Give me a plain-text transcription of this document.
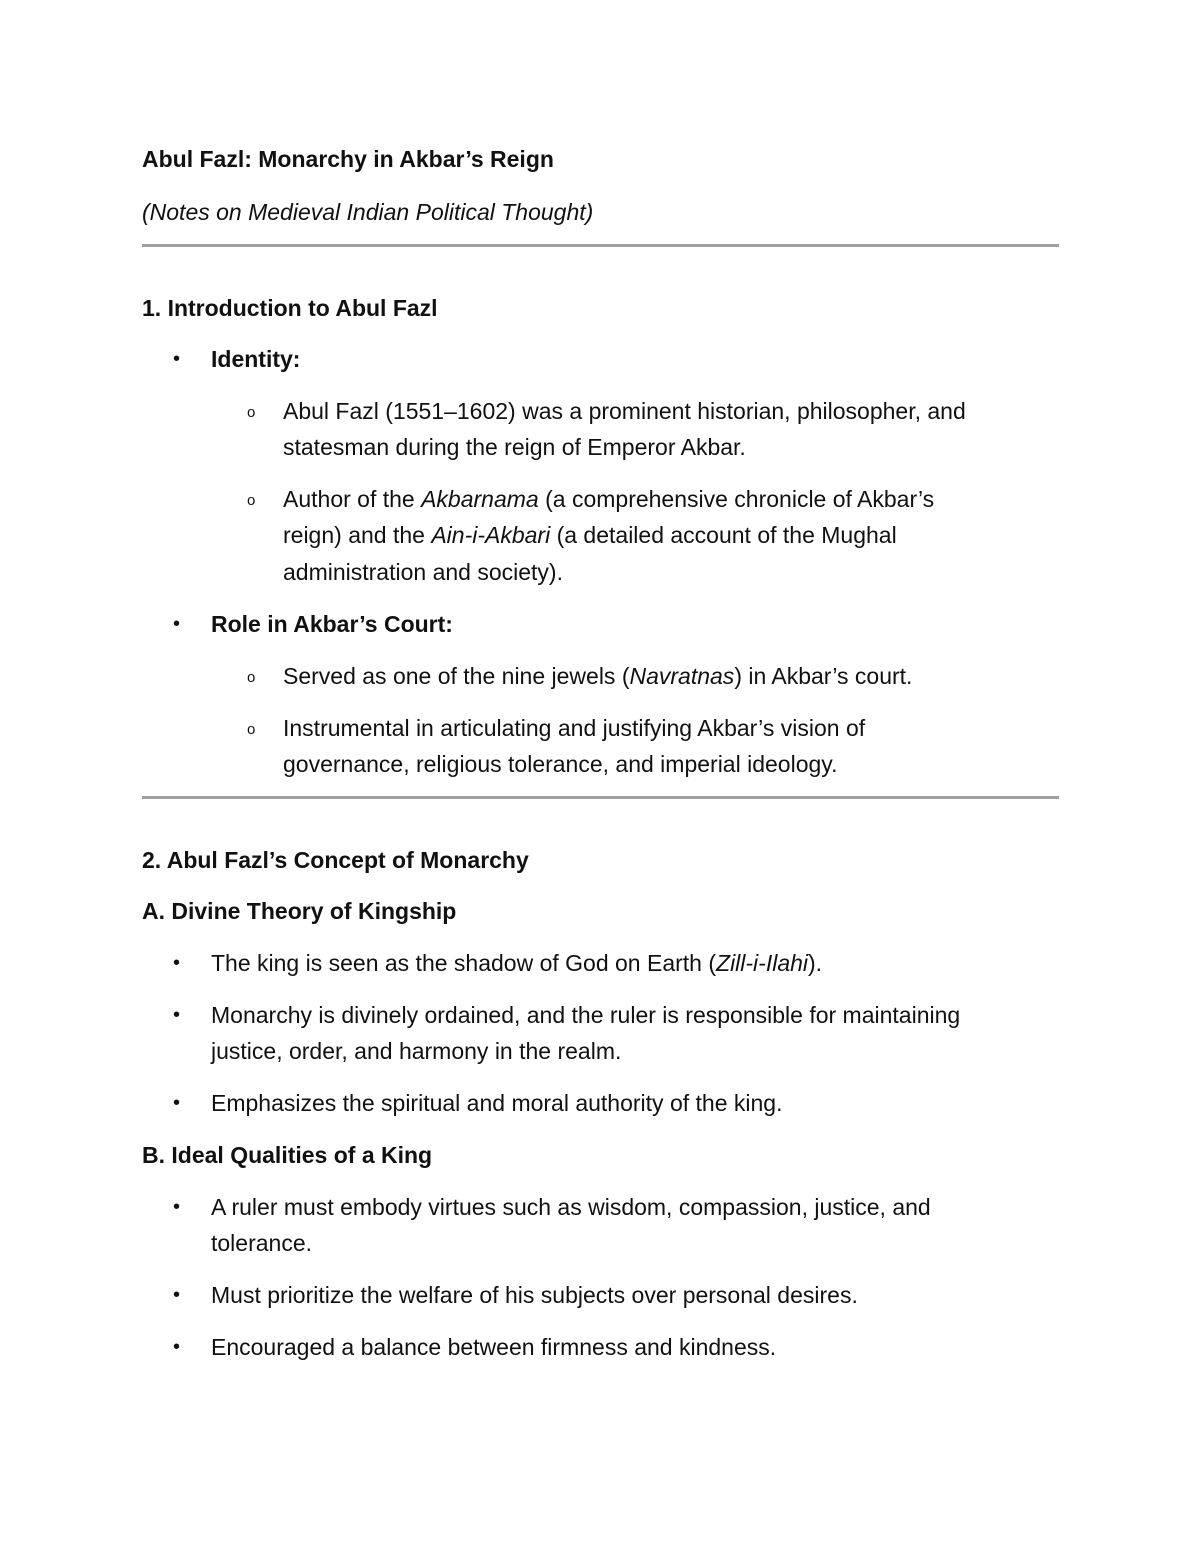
Abul Fazl: Monarchy in Akbar’s Reign
(Notes on Medieval Indian Political Thought)
1. Introduction to Abul Fazl
• Identity:
o Abul Fazl (1551–1602) was a prominent historian, philosopher, and
statesman during the reign of Emperor Akbar.
o Author of the Akbarnama (a comprehensive chronicle of Akbar’s
reign) and the Ain-i-Akbari (a detailed account of the Mughal
administration and society).
• Role in Akbar’s Court:
o Served as one of the nine jewels (Navratnas) in Akbar’s court.
o Instrumental in articulating and justifying Akbar’s vision of
governance, religious tolerance, and imperial ideology.
2. Abul Fazl’s Concept of Monarchy
A. Divine Theory of Kingship
• The king is seen as the shadow of God on Earth (Zill-i-Ilahi).
• Monarchy is divinely ordained, and the ruler is responsible for maintaining
justice, order, and harmony in the realm.
• Emphasizes the spiritual and moral authority of the king.
B. Ideal Qualities of a King
• A ruler must embody virtues such as wisdom, compassion, justice, and
tolerance.
• Must prioritize the welfare of his subjects over personal desires.
• Encouraged a balance between firmness and kindness.
